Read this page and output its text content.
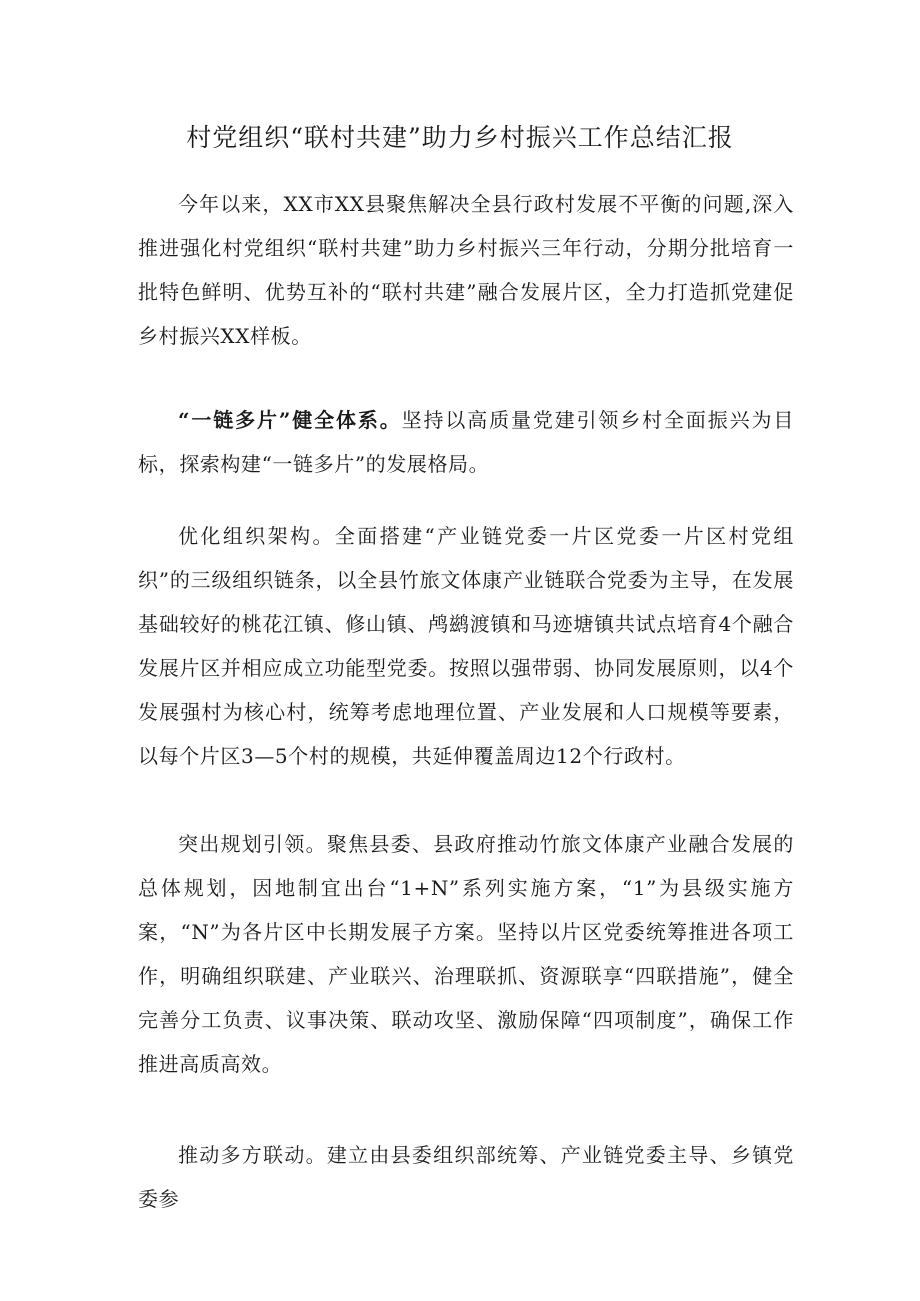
村党组织“联村共建”助力乡村振兴工作总结汇报

今年以来，XX市XX县聚焦解决全县行政村发展不平衡的问题,深入推进强化村党组织“联村共建”助力乡村振兴三年行动，分期分批培育一批特色鲜明、优势互补的“联村共建”融合发展片区，全力打造抓党建促乡村振兴XX样板。

“一链多片”健全体系。坚持以高质量党建引领乡村全面振兴为目标，探索构建“一链多片”的发展格局。

优化组织架构。全面搭建“产业链党委一片区党委一片区村党组织”的三级组织链条，以全县竹旅文体康产业链联合党委为主导，在发展基础较好的桃花江镇、修山镇、鸬鹚渡镇和马迹塘镇共试点培育4个融合发展片区并相应成立功能型党委。按照以强带弱、协同发展原则，以4个发展强村为核心村，统筹考虑地理位置、产业发展和人口规模等要素，以每个片区3—5个村的规模，共延伸覆盖周边12个行政村。

突出规划引领。聚焦县委、县政府推动竹旅文体康产业融合发展的总体规划，因地制宜出台“1+N”系列实施方案，“1”为县级实施方案，“N”为各片区中长期发展子方案。坚持以片区党委统筹推进各项工作，明确组织联建、产业联兴、治理联抓、资源联享“四联措施”，健全完善分工负责、议事决策、联动攻坚、激励保障“四项制度”，确保工作推进高质高效。

推动多方联动。建立由县委组织部统筹、产业链党委主导、乡镇党委参
